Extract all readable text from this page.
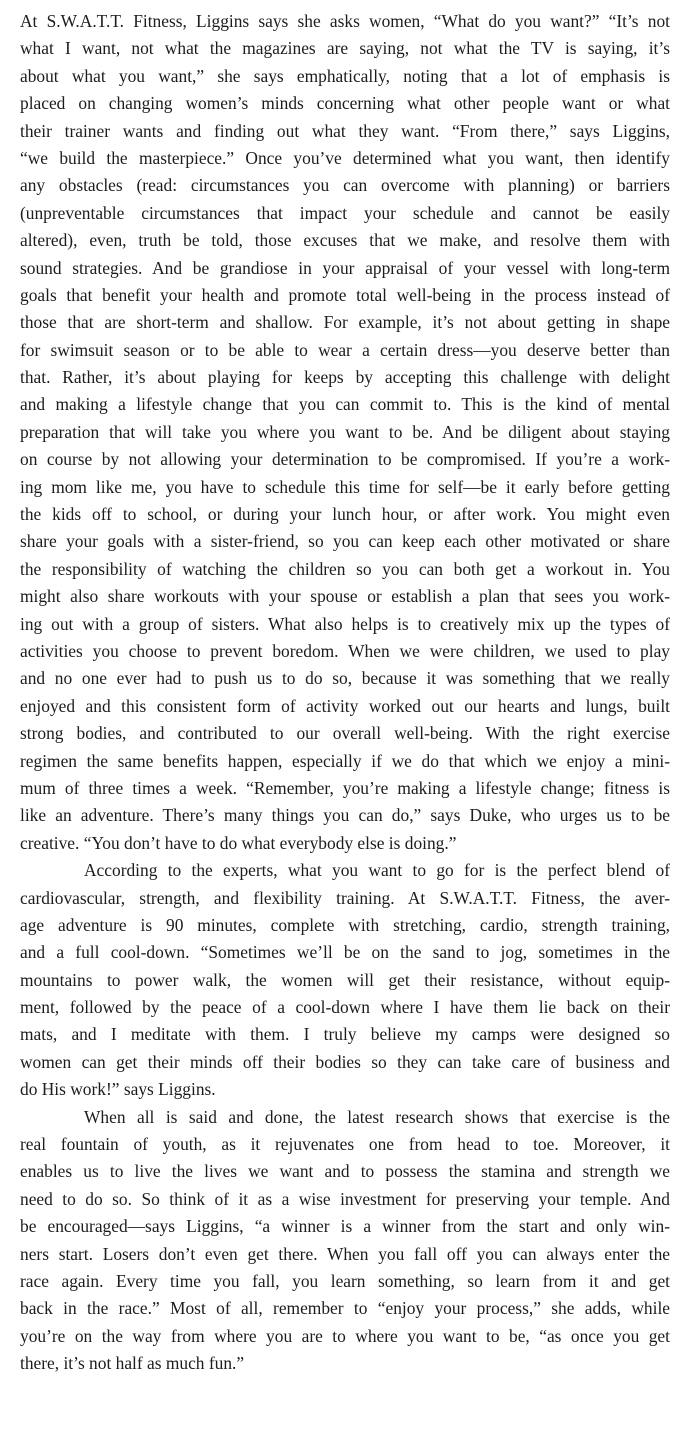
At S.W.A.T.T. Fitness, Liggins says she asks women, “What do you want?” “It’s not
what I want, not what the magazines are saying, not what the TV is saying, it’s
about what you want,” she says emphatically, noting that a lot of emphasis is
placed on changing women’s minds concerning what other people want or what
their trainer wants and finding out what they want. “From there,” says Liggins,
“we build the masterpiece.” Once you’ve determined what you want, then identify
any obstacles (read: circumstances you can overcome with planning) or barriers
(unpreventable circumstances that impact your schedule and cannot be easily
altered), even, truth be told, those excuses that we make, and resolve them with
sound strategies. And be grandiose in your appraisal of your vessel with long-term
goals that benefit your health and promote total well-being in the process instead of
those that are short-term and shallow. For example, it’s not about getting in shape
for swimsuit season or to be able to wear a certain dress—you deserve better than
that. Rather, it’s about playing for keeps by accepting this challenge with delight
and making a lifestyle change that you can commit to. This is the kind of mental
preparation that will take you where you want to be. And be diligent about staying
on course by not allowing your determination to be compromised. If you’re a work-
ing mom like me, you have to schedule this time for self—be it early before getting
the kids off to school, or during your lunch hour, or after work. You might even
share your goals with a sister-friend, so you can keep each other motivated or share
the responsibility of watching the children so you can both get a workout in. You
might also share workouts with your spouse or establish a plan that sees you work-
ing out with a group of sisters. What also helps is to creatively mix up the types of
activities you choose to prevent boredom. When we were children, we used to play
and no one ever had to push us to do so, because it was something that we really
enjoyed and this consistent form of activity worked out our hearts and lungs, built
strong bodies, and contributed to our overall well-being. With the right exercise
regimen the same benefits happen, especially if we do that which we enjoy a mini-
mum of three times a week. “Remember, you’re making a lifestyle change; fitness is
like an adventure. There’s many things you can do,” says Duke, who urges us to be
creative. “You don’t have to do what everybody else is doing.”
According to the experts, what you want to go for is the perfect blend of
cardiovascular, strength, and flexibility training. At S.W.A.T.T. Fitness, the aver-
age adventure is 90 minutes, complete with stretching, cardio, strength training,
and a full cool-down. “Sometimes we’ll be on the sand to jog, sometimes in the
mountains to power walk, the women will get their resistance, without equip-
ment, followed by the peace of a cool-down where I have them lie back on their
mats, and I meditate with them. I truly believe my camps were designed so
women can get their minds off their bodies so they can take care of business and
do His work!” says Liggins.
When all is said and done, the latest research shows that exercise is the
real fountain of youth, as it rejuvenates one from head to toe. Moreover, it
enables us to live the lives we want and to possess the stamina and strength we
need to do so. So think of it as a wise investment for preserving your temple. And
be encouraged—says Liggins, “a winner is a winner from the start and only win-
ners start. Losers don’t even get there. When you fall off you can always enter the
race again. Every time you fall, you learn something, so learn from it and get
back in the race.” Most of all, remember to “enjoy your process,” she adds, while
you’re on the way from where you are to where you want to be, “as once you get
there, it’s not half as much fun.”
